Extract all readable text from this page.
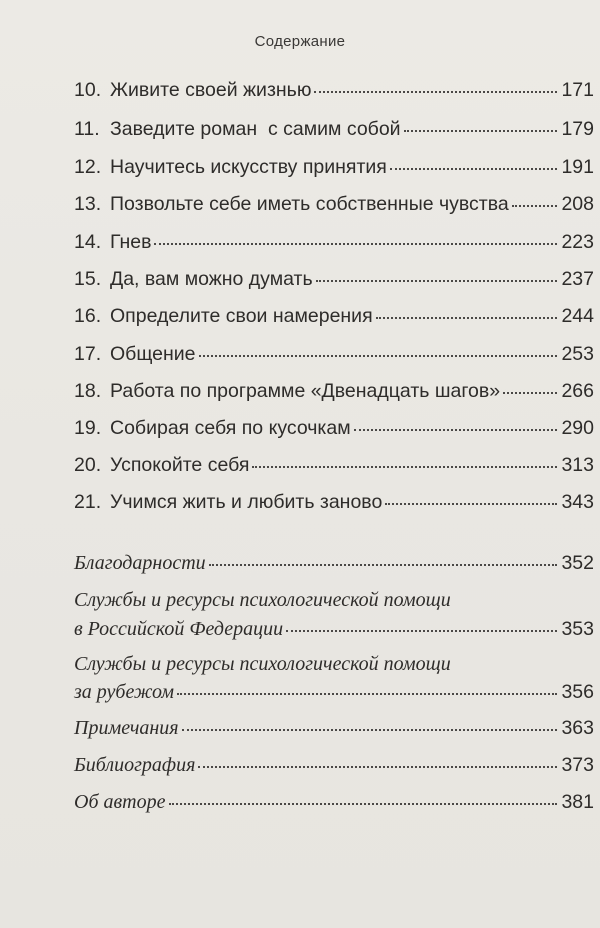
Содержание
10. Живите своей жизнью	171
11. Заведите роман  с самим собой	179
12. Научитесь искусству принятия	191
13. Позвольте себе иметь собственные чувства	208
14. Гнев	223
15. Да, вам можно думать	237
16. Определите свои намерения	244
17. Общение	253
18. Работа по программе «Двенадцать шагов»	266
19. Собирая себя по кусочкам	290
20. Успокойте себя	313
21. Учимся жить и любить заново	343
Благодарности	352
Службы и ресурсы психологической помощи
в Российской Федерации	353
Службы и ресурсы психологической помощи
за рубежом	356
Примечания	363
Библиография	373
Об авторе	381
